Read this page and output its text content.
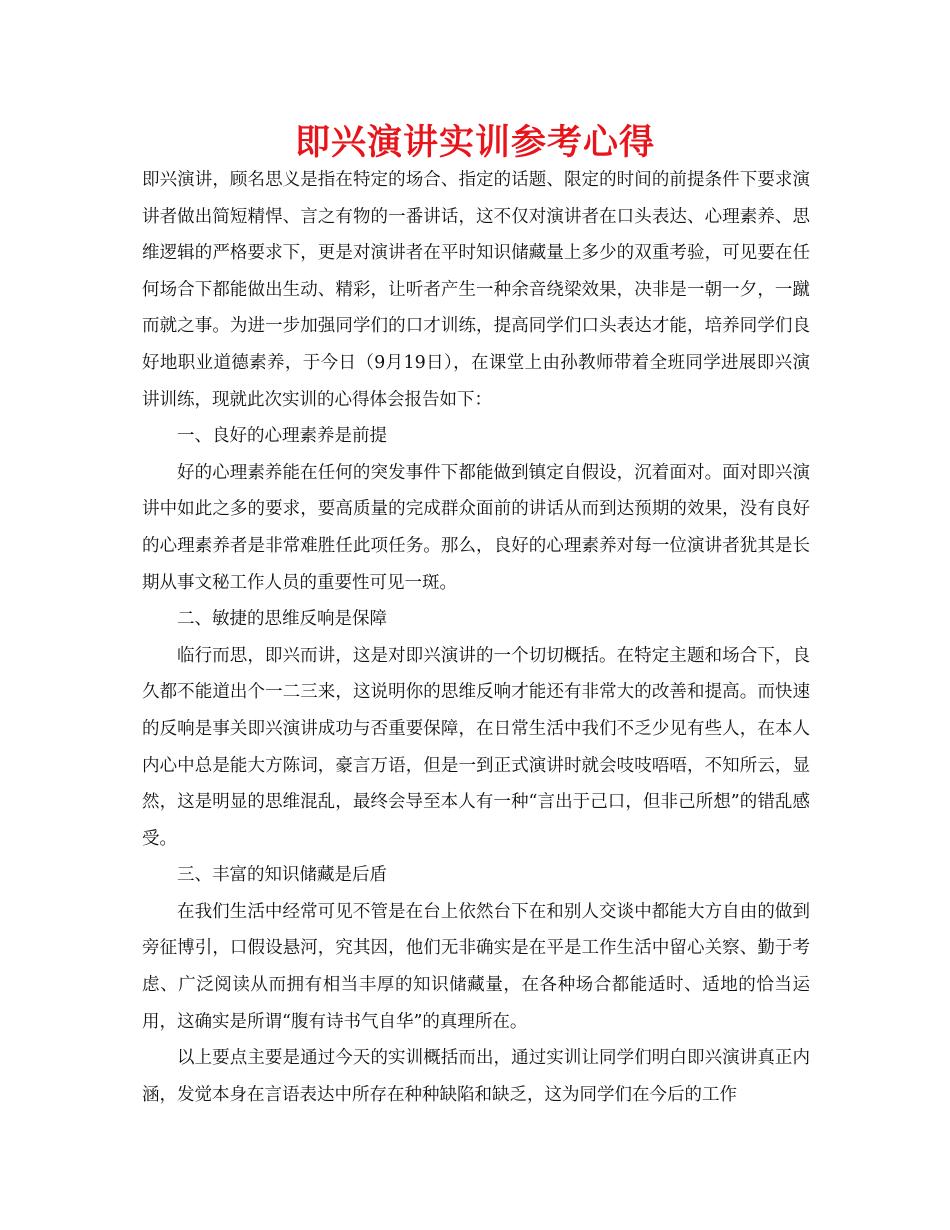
即兴演讲实训参考心得

即兴演讲，顾名思义是指在特定的场合、指定的话题、限定的时间的前提条件下要求演讲者做出简短精悍、言之有物的一番讲话，这不仅对演讲者在口头表达、心理素养、思维逻辑的严格要求下，更是对演讲者在平时知识储藏量上多少的双重考验，可见要在任何场合下都能做出生动、精彩，让听者产生一种余音绕梁效果，决非是一朝一夕，一蹴而就之事。为进一步加强同学们的口才训练，提高同学们口头表达才能，培养同学们良好地职业道德素养，于今日（9月19日），在课堂上由孙教师带着全班同学进展即兴演讲训练，现就此次实训的心得体会报告如下：

一、良好的心理素养是前提

好的心理素养能在任何的突发事件下都能做到镇定自假设，沉着面对。面对即兴演讲中如此之多的要求，要高质量的完成群众面前的讲话从而到达预期的效果，没有良好的心理素养者是非常难胜任此项任务。那么，良好的心理素养对每一位演讲者犹其是长期从事文秘工作人员的重要性可见一斑。

二、敏捷的思维反响是保障

临行而思，即兴而讲，这是对即兴演讲的一个切切概括。在特定主题和场合下，良久都不能道出个一二三来，这说明你的思维反响才能还有非常大的改善和提高。而快速的反响是事关即兴演讲成功与否重要保障，在日常生活中我们不乏少见有些人，在本人内心中总是能大方陈词，豪言万语，但是一到正式演讲时就会吱吱唔唔，不知所云，显然，这是明显的思维混乱，最终会导至本人有一种“言出于己口，但非己所想”的错乱感受。

三、丰富的知识储藏是后盾

在我们生活中经常可见不管是在台上依然台下在和别人交谈中都能大方自由的做到旁征博引，口假设悬河，究其因，他们无非确实是在平是工作生活中留心关察、勤于考虑、广泛阅读从而拥有相当丰厚的知识储藏量，在各种场合都能适时、适地的恰当运用，这确实是所谓“腹有诗书气自华”的真理所在。

以上要点主要是通过今天的实训概括而出，通过实训让同学们明白即兴演讲真正内涵，发觉本身在言语表达中所存在种种缺陷和缺乏，这为同学们在今后的工作
